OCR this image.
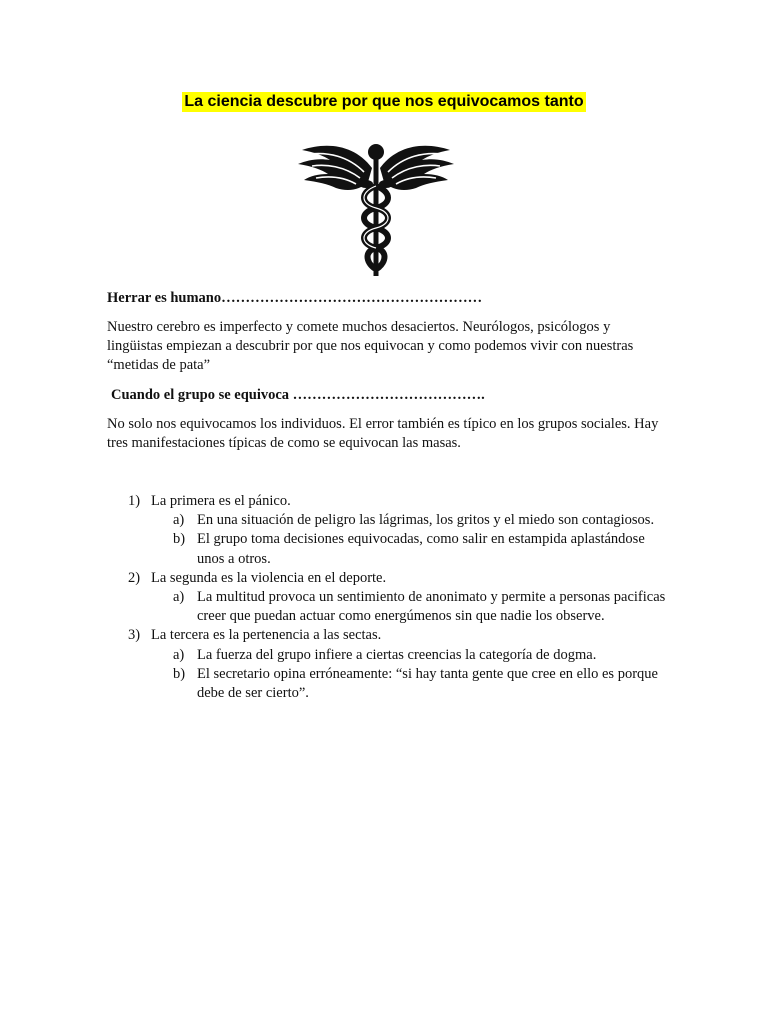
La ciencia descubre por que nos equivocamos tanto
Herrar es humano………………………………………………

Nuestro cerebro es imperfecto y comete muchos desaciertos. Neurólogos, psicólogos y lingüistas empiezan a descubrir por que nos equivocan y como podemos vivir con nuestras “metidas de pata”

Cuando el grupo se equivoca ………………………………….

No solo nos equivocamos los individuos. El error también es típico en los grupos sociales. Hay tres manifestaciones típicas de como se equivocan las masas.

1) La primera es el pánico.
a) En una situación de peligro las lágrimas, los gritos y el miedo son contagiosos.
b) El grupo toma decisiones equivocadas, como salir en estampida aplastándose unos a otros.
2) La segunda es la violencia en el deporte.
a) La multitud provoca un sentimiento de anonimato y permite a personas pacificas creer que puedan actuar como energúmenos sin que nadie los observe.
3) La tercera es la pertenencia a las sectas.
a) La fuerza del grupo infiere a ciertas creencias la categoría de dogma.
b) El secretario opina erróneamente: “si hay tanta gente que cree en ello es porque debe de ser cierto”.
